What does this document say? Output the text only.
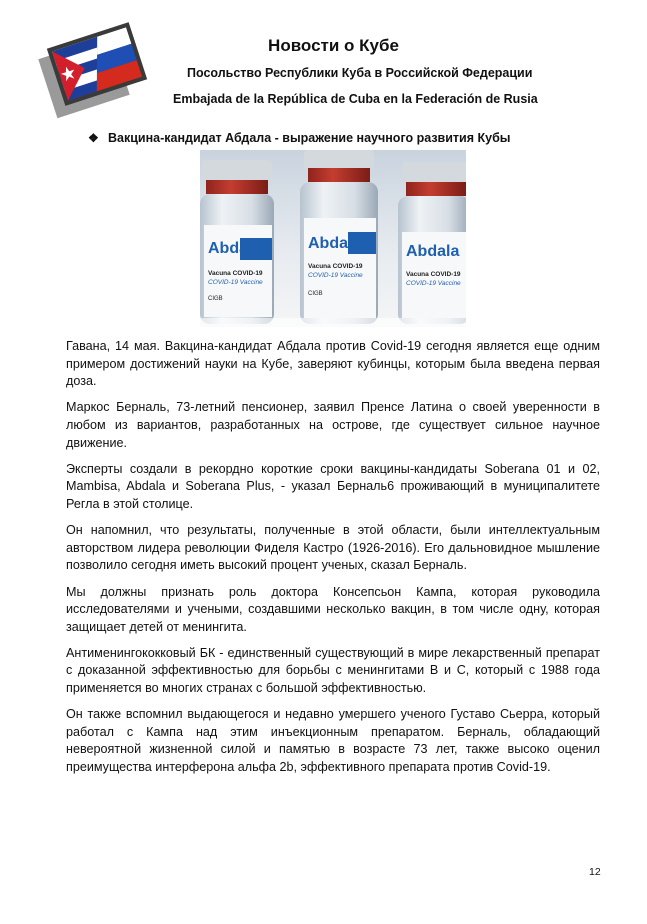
Новости о Кубе
Посольство Республики Куба в Российской Федерации
Embajada de la República de Cuba en la Federación de Rusia
❖ Вакцина-кандидат Абдала - выражение научного развития Кубы
Abdala
Vacuna COVID-19
COVID-19 Vaccine
CIGB
Abdala
Vacuna COVID-19
COVID-19 Vaccine
CIGB
Abdala
Vacuna COVID-19
COVID-19 Vaccine

Гавана, 14 мая. Вакцина-кандидат Абдала против Covid-19 сегодня является еще одним примером достижений науки на Кубе, заверяют кубинцы, которым была введена первая доза.

Маркос Берналь, 73-летний пенсионер, заявил Пренсе Латина о своей уверенности в любом из вариантов, разработанных на острове, где существует сильное научное движение.

Эксперты создали в рекордно короткие сроки вакцины-кандидаты Soberana 01 и 02, Mambisa, Abdala и Soberana Plus, - указал Берналь6 проживающий в муниципалитете Регла в этой столице.

Он напомнил, что результаты, полученные в этой области, были интеллектуальным авторством лидера революции Фиделя Кастро (1926-2016). Его дальновидное мышление позволило сегодня иметь высокий процент ученых, сказал Берналь.

Мы должны признать роль доктора Консепсьон Кампа, которая руководила исследователями и учеными, создавшими несколько вакцин, в том числе одну, которая защищает детей от менингита.

Антименингококковый БК - единственный существующий в мире лекарственный препарат с доказанной эффективностью для борьбы с менингитами В и С, который с 1988 года применяется во многих странах с большой эффективностью.

Он также вспомнил выдающегося и недавно умершего ученого Густаво Сьерра, который работал с Кампа над этим инъекционным препаратом. Берналь, обладающий невероятной жизненной силой и памятью в возрасте 73 лет, также высоко оценил преимущества интерферона альфа 2b, эффективного препарата против Covid-19.

12
